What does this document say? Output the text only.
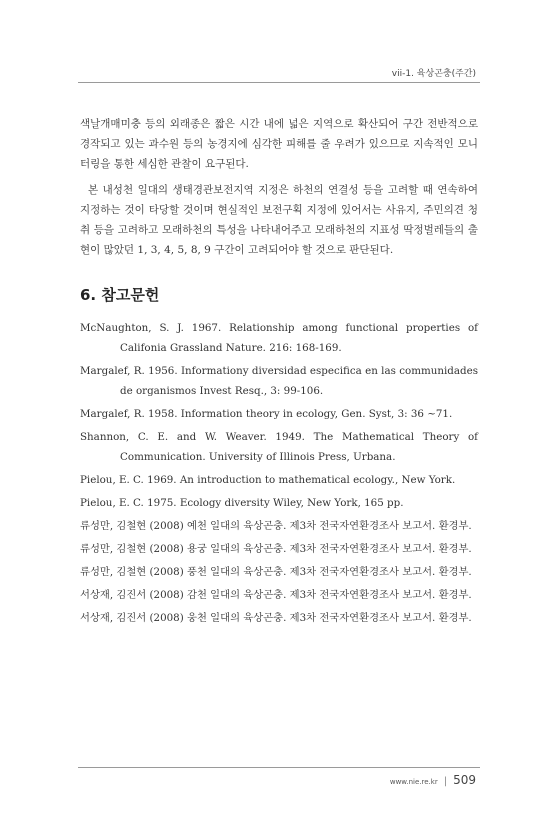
vii-1. 육상곤충(주간)

색날개매미충 등의 외래종은 짧은 시간 내에 넓은 지역으로 확산되어 구간 전반적으로 경작되고 있는 과수원 등의 농경지에 심각한 피해를 줄 우려가 있으므로 지속적인 모니터링을 통한 세심한 관찰이 요구된다.

본 내성천 일대의 생태경관보전지역 지정은 하천의 연결성 등을 고려할 때 연속하여 지정하는 것이 타당할 것이며 현실적인 보전구획 지정에 있어서는 사유지, 주민의견 청취 등을 고려하고 모래하천의 특성을 나타내어주고 모래하천의 지표성 딱정벌레들의 출현이 많았던 1, 3, 4, 5, 8, 9 구간이 고려되어야 할 것으로 판단된다.

6. 참고문헌
McNaughton, S. J. 1967. Relationship among functional properties of Califonia Grassland Nature. 216: 168-169.
Margalef, R. 1956. Informationy diversidad especifica en las communidades de organismos Invest Resq., 3: 99-106.
Margalef, R. 1958. Information theory in ecology, Gen. Syst, 3: 36 ~71.
Shannon, C. E. and W. Weaver. 1949. The Mathematical Theory of Communication. University of Illinois Press, Urbana.
Pielou, E. C. 1969. An introduction to mathematical ecology., New York.
Pielou, E. C. 1975. Ecology diversity Wiley, New York, 165 pp.
류성만, 김철현 (2008) 예천 일대의 육상곤충. 제3차 전국자연환경조사 보고서. 환경부.
류성만, 김철현 (2008) 용궁 일대의 육상곤충. 제3차 전국자연환경조사 보고서. 환경부.
류성만, 김철현 (2008) 풍천 일대의 육상곤충. 제3차 전국자연환경조사 보고서. 환경부.
서상재, 김진서 (2008) 감천 일대의 육상곤충. 제3차 전국자연환경조사 보고서. 환경부.
서상재, 김진서 (2008) 웅천 일대의 육상곤충. 제3차 전국자연환경조사 보고서. 환경부.
www.nie.re.kr | 509
